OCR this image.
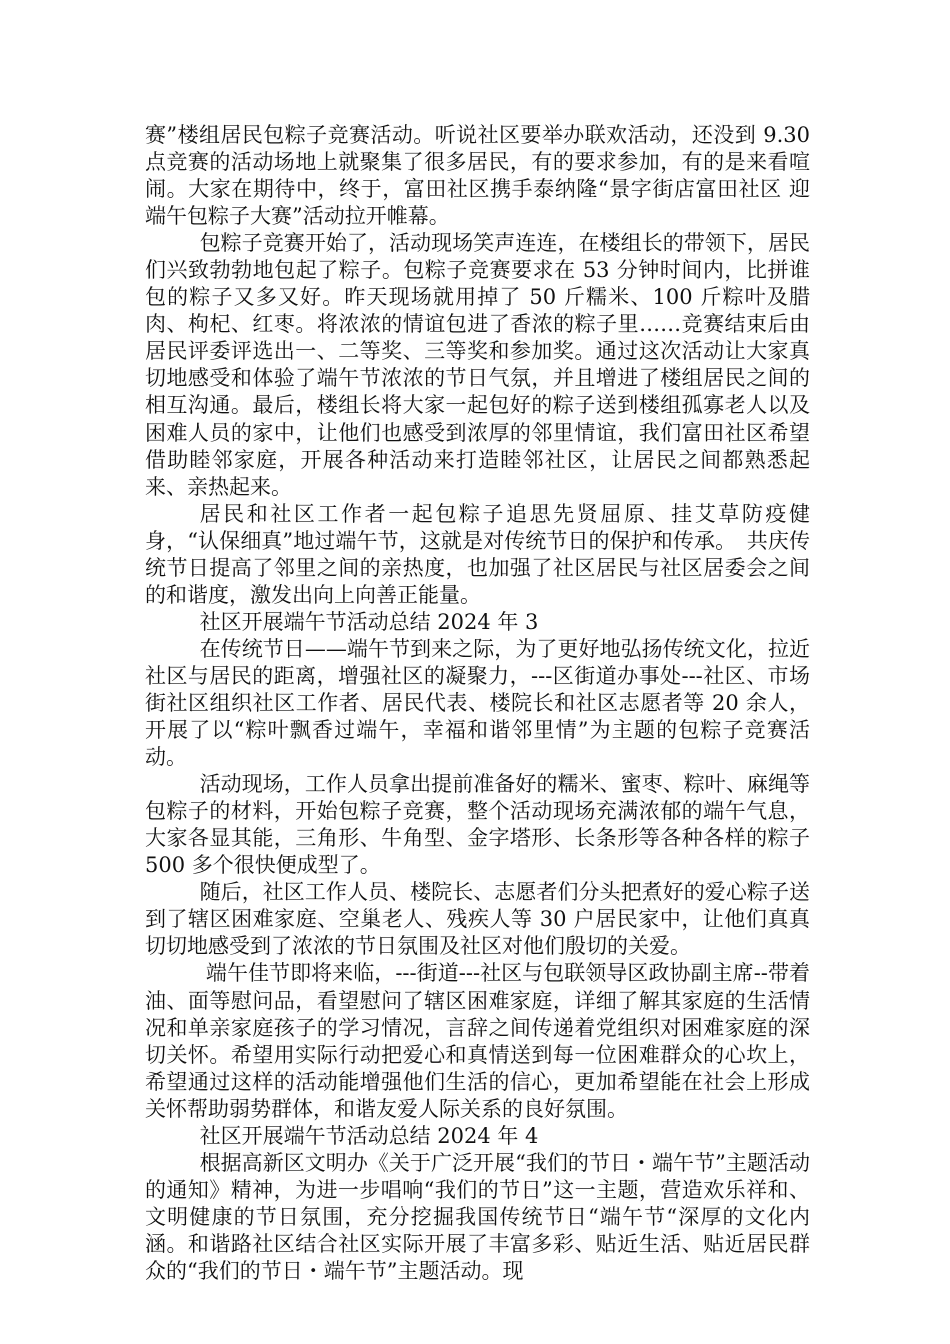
赛”楼组居民包粽子竞赛活动。听说社区要举办联欢活动，还没到 9.30 点竞赛的活动场地上就聚集了很多居民，有的要求参加，有的是来看喧闹。大家在期待中，终于，富田社区携手泰纳隆“景字街店富田社区 迎端午包粽子大赛”活动拉开帷幕。

包粽子竞赛开始了，活动现场笑声连连，在楼组长的带领下，居民们兴致勃勃地包起了粽子。包粽子竞赛要求在 53 分钟时间内，比拼谁包的粽子又多又好。昨天现场就用掉了 50 斤糯米、100 斤粽叶及腊肉、枸杞、红枣。将浓浓的情谊包进了香浓的粽子里……竞赛结束后由居民评委评选出一、二等奖、三等奖和参加奖。通过这次活动让大家真切地感受和体验了端午节浓浓的节日气氛，并且增进了楼组居民之间的相互沟通。最后，楼组长将大家一起包好的粽子送到楼组孤寡老人以及困难人员的家中，让他们也感受到浓厚的邻里情谊，我们富田社区希望借助睦邻家庭，开展各种活动来打造睦邻社区，让居民之间都熟悉起来、亲热起来。

居民和社区工作者一起包粽子追思先贤屈原、挂艾草防疫健身，“认保细真”地过端午节，这就是对传统节日的保护和传承。　共庆传统节日提高了邻里之间的亲热度，也加强了社区居民与社区居委会之间的和谐度，激发出向上向善正能量。

社区开展端午节活动总结 2024 年 3

在传统节日——端午节到来之际，为了更好地弘扬传统文化，拉近社区与居民的距离，增强社区的凝聚力，---区街道办事处---社区、市场街社区组织社区工作者、居民代表、楼院长和社区志愿者等 20 余人，开展了以“粽叶飘香过端午，幸福和谐邻里情”为主题的包粽子竞赛活动。

活动现场，工作人员拿出提前准备好的糯米、蜜枣、粽叶、麻绳等包粽子的材料，开始包粽子竞赛，整个活动现场充满浓郁的端午气息，大家各显其能，三角形、牛角型、金字塔形、长条形等各种各样的粽子 500 多个很快便成型了。

随后，社区工作人员、楼院长、志愿者们分头把煮好的爱心粽子送到了辖区困难家庭、空巢老人、残疾人等 30 户居民家中，让他们真真切切地感受到了浓浓的节日氛围及社区对他们殷切的关爱。

端午佳节即将来临，---街道---社区与包联领导区政协副主席--带着油、面等慰问品，看望慰问了辖区困难家庭，详细了解其家庭的生活情况和单亲家庭孩子的学习情况，言辞之间传递着党组织对困难家庭的深切关怀。希望用实际行动把爱心和真情送到每一位困难群众的心坎上，希望通过这样的活动能增强他们生活的信心，更加希望能在社会上形成关怀帮助弱势群体，和谐友爱人际关系的良好氛围。

社区开展端午节活动总结 2024 年 4

根据高新区文明办《关于广泛开展“我们的节日・端午节”主题活动的通知》精神，为进一步唱响“我们的节日”这一主题，营造欢乐祥和、文明健康的节日氛围，充分挖掘我国传统节日“端午节“深厚的文化内涵。和谐路社区结合社区实际开展了丰富多彩、贴近生活、贴近居民群众的“我们的节日・端午节”主题活动。现
